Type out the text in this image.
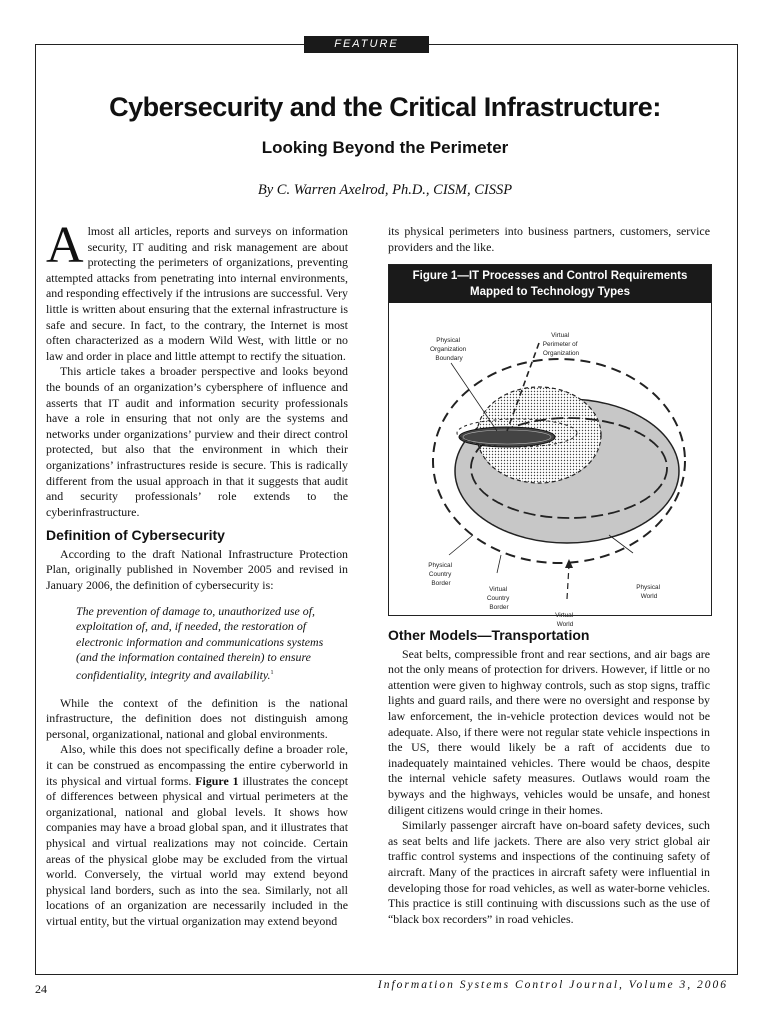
FEATURE
Cybersecurity and the Critical Infrastructure:
Looking Beyond the Perimeter
By C. Warren Axelrod, Ph.D., CISM, CISSP

Almost all articles, reports and surveys on information security, IT auditing and risk management are about protecting the perimeters of organizations, preventing attempted attacks from penetrating into internal environments, and responding effectively if the intrusions are successful. Very little is written about ensuring that the external infrastructure is safe and secure. In fact, to the contrary, the Internet is most often characterized as a modern Wild West, with little or no law and order in place and little attempt to rectify the situation.

This article takes a broader perspective and looks beyond the bounds of an organization’s cybersphere of influence and asserts that IT audit and information security professionals have a role in ensuring that not only are the systems and networks under organizations’ purview and their direct control protected, but also that the environment in which their organizations’ infrastructures reside is secure. This is radically different from the usual approach in that it suggests that audit and security professionals’ role extends to the cyberinfrastructure.

Definition of Cybersecurity

According to the draft National Infrastructure Protection Plan, originally published in November 2005 and revised in January 2006, the definition of cybersecurity is:

The prevention of damage to, unauthorized use of, exploitation of, and, if needed, the restoration of electronic information and communications systems (and the information contained therein) to ensure confidentiality, integrity and availability.$^1$

While the context of the definition is the national infrastructure, the definition does not distinguish among personal, organizational, national and global environments.

Also, while this does not specifically define a broader role, it can be construed as encompassing the entire cyberworld in its physical and virtual forms. Figure 1 illustrates the concept of differences between physical and virtual perimeters at the organizational, national and global levels. It shows how companies may have a broad global span, and it illustrates that physical and virtual realizations may not coincide. Certain areas of the physical globe may be excluded from the virtual world. Conversely, the virtual world may extend beyond physical land borders, such as into the sea. Similarly, not all locations of an organization are necessarily included in the virtual entity, but the virtual organization may extend beyond

its physical perimeters into business partners, customers, service providers and the like.

Figure 1—IT Processes and Control Requirements
Mapped to Technology Types
Physical Organization Boundary
Virtual Perimeter of Organization
Physical Country Border
Virtual Country Border
Virtual World
Physical World
Other Models—Transportation

Seat belts, compressible front and rear sections, and air bags are not the only means of protection for drivers. However, if little or no attention were given to highway controls, such as stop signs, traffic lights and guard rails, and there were no oversight and response by law enforcement, the in-vehicle protection devices would not be adequate. Also, if there were not regular state vehicle inspections in the US, there would likely be a raft of accidents due to inadequately maintained vehicles. There would be chaos, despite the internal vehicle safety measures. Outlaws would roam the byways and the highways, vehicles would be unsafe, and honest diligent citizens would cringe in their homes.

Similarly passenger aircraft have on-board safety devices, such as seat belts and life jackets. There are also very strict global air traffic control systems and inspections of the continuing safety of aircraft. Many of the practices in aircraft safety were influential in developing those for road vehicles, as well as water-borne vehicles. This practice is still continuing with discussions such as the use of “black box recorders” in road vehicles.

24	Information Systems Control Journal, Volume 3, 2006
